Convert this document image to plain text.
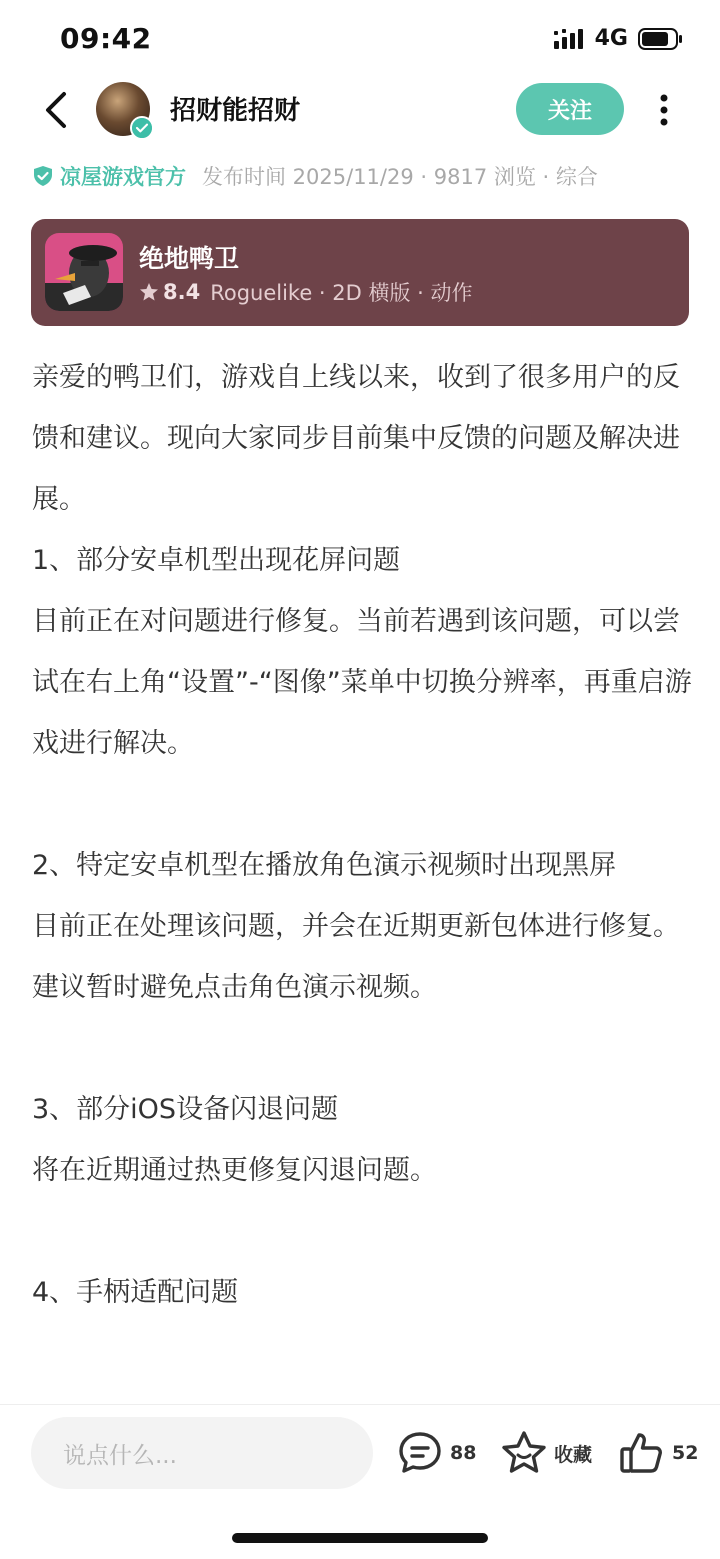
09:42	4G
招财能招财	关注
凉屋游戏官方 发布时间 2025/11/29 · 9817 浏览 · 综合
绝地鸭卫
8.4 Roguelike · 2D 横版 · 动作
亲爱的鸭卫们，游戏自上线以来，收到了很多用户的反馈和建议。现向大家同步目前集中反馈的问题及解决进展。
1、部分安卓机型出现花屏问题
目前正在对问题进行修复。当前若遇到该问题，可以尝试在右上角“设置”-“图像”菜单中切换分辨率，再重启游戏进行解决。
2、特定安卓机型在播放角色演示视频时出现黑屏
目前正在处理该问题，并会在近期更新包体进行修复。建议暂时避免点击角色演示视频。
3、部分iOS设备闪退问题
将在近期通过热更修复闪退问题。
4、手柄适配问题
说点什么...	88	收藏	52
